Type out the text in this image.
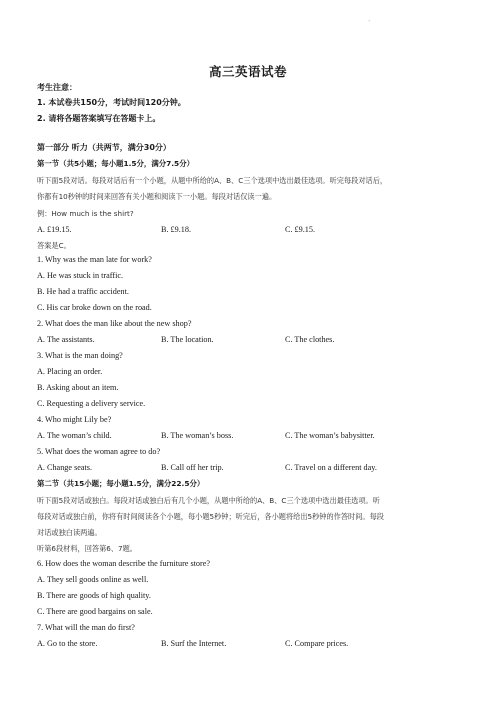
、
高三英语试卷
考生注意：
1. 本试卷共150分，考试时间120分钟。
2. 请将各题答案填写在答题卡上。
第一部分 听力（共两节，满分30分）
第一节（共5小题；每小题1.5分，满分7.5分）
听下面5段对话。每段对话后有一个小题，从题中所给的A、B、C三个选项中选出最佳选项。听完每段对话后，
你都有10秒钟的时间来回答有关小题和阅读下一小题。每段对话仅读一遍。
例：How much is the shirt?
A. £19.15.	B. £9.18.	C. £9.15.
答案是C。
1. Why was the man late for work?
A. He was stuck in traffic.
B. He had a traffic accident.
C. His car broke down on the road.
2. What does the man like about the new shop?
A. The assistants.	B. The location.	C. The clothes.
3. What is the man doing?
A. Placing an order.
B. Asking about an item.
C. Requesting a delivery service.
4. Who might Lily be?
A. The woman’s child.	B. The woman’s boss.	C. The woman’s babysitter.
5. What does the woman agree to do?
A. Change seats.	B. Call off her trip.	C. Travel on a different day.
第二节（共15小题；每小题1.5分，满分22.5分）
听下面5段对话或独白。每段对话或独白后有几个小题，从题中所给的A、B、C三个选项中选出最佳选项。听
每段对话或独白前，你将有时间阅读各个小题，每小题5秒钟；听完后，各小题将给出5秒钟的作答时间。每段
对话或独白读两遍。
听第6段材料，回答第6、7题。
6. How does the woman describe the furniture store?
A. They sell goods online as well.
B. There are goods of high quality.
C. There are good bargains on sale.
7. What will the man do first?
A. Go to the store.	B. Surf the Internet.	C. Compare prices.
